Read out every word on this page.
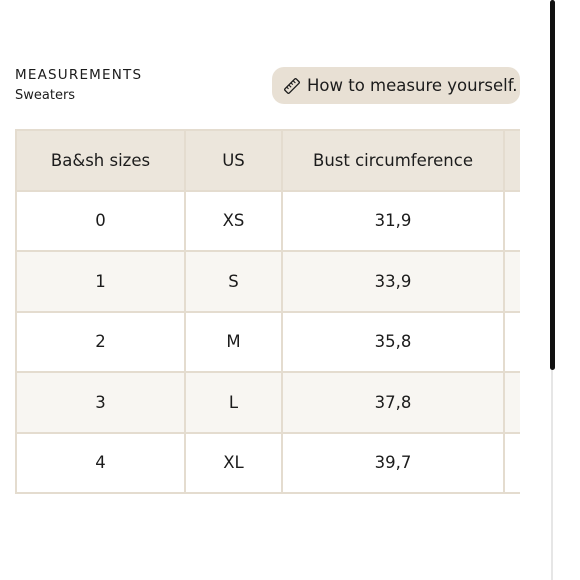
MEASUREMENTS
Sweaters
How to measure yourself.
Ba&sh sizes	US	Bust circumference	
0	XS	31,9	
1	S	33,9	
2	M	35,8	
3	L	37,8	
4	XL	39,7	
